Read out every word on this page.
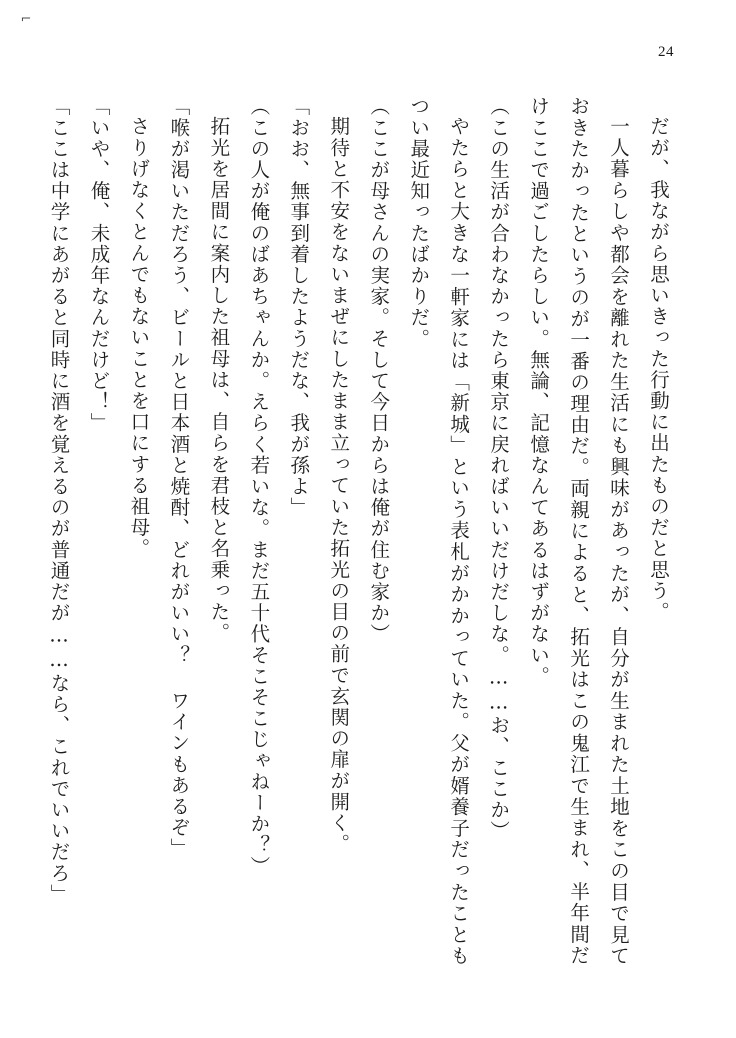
⌐
24

だが、我ながら思いきった行動に出たものだと思う。

一人暮らしや都会を離れた生活にも興味があったが、自分が生まれた土地をこの目で見ておきたかったというのが一番の理由だ。両親によると、拓光はこの鬼江で生まれ、半年間だけここで過ごしたらしい。無論、記憶なんてあるはずがない。

（この生活が合わなかったら東京に戻ればいいだけだしな。……お、ここか）

やたらと大きな一軒家には「新城」という表札がかかっていた。父が婿養子だったこともつい最近知ったばかりだ。

（ここが母さんの実家。そして今日からは俺が住む家か）

期待と不安をないまぜにしたまま立っていた拓光の目の前で玄関の扉が開く。

「おお、無事到着したようだな、我が孫よ」

（この人が俺のばあちゃんか。えらく若いな。まだ五十代そこそこじゃねーか？）

拓光を居間に案内した祖母は、自らを君枝と名乗った。

「喉が渇いただろう、ビールと日本酒と焼酎、どれがいい？ ワインもあるぞ」

さりげなくとんでもないことを口にする祖母。

「いや、俺、未成年なんだけど！」

「ここは中学にあがると同時に酒を覚えるのが普通だが……なら、これでいいだろ」
